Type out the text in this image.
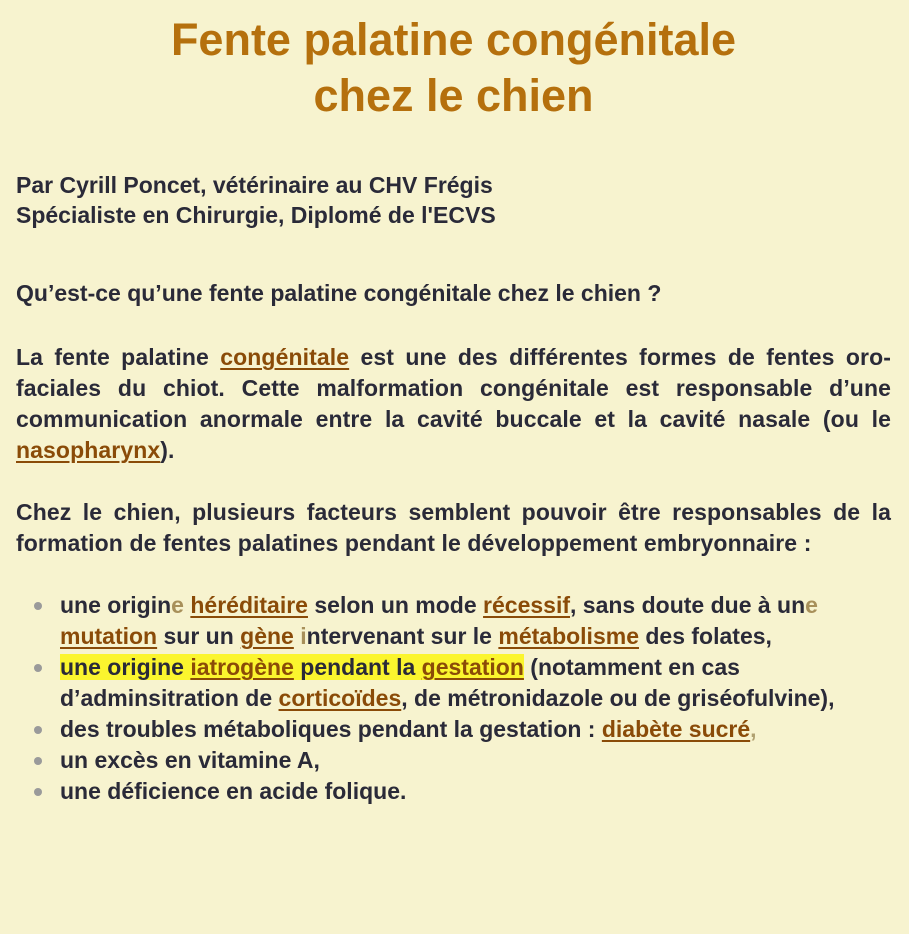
Fente palatine congénitale
chez le chien
Par Cyrill Poncet, vétérinaire au CHV Frégis
Spécialiste en Chirurgie, Diplomé de l'ECVS
Qu’est-ce qu’une fente palatine congénitale chez le chien ?

La fente palatine congénitale est une des différentes formes de fentes oro-faciales du chiot. Cette malformation congénitale est responsable d’une communication anormale entre la cavité buccale et la cavité nasale (ou le nasopharynx).

Chez le chien, plusieurs facteurs semblent pouvoir être responsables de la formation de fentes palatines pendant le développement embryonnaire :

une origine héréditaire selon un mode récessif, sans doute due à une mutation sur un gène intervenant sur le métabolisme des folates,
une origine iatrogène pendant la gestation (notamment en cas d’adminsitration de corticoïdes, de métronidazole ou de griséofulvine),
des troubles métaboliques pendant la gestation : diabète sucré,
un excès en vitamine A,
une déficience en acide folique.
